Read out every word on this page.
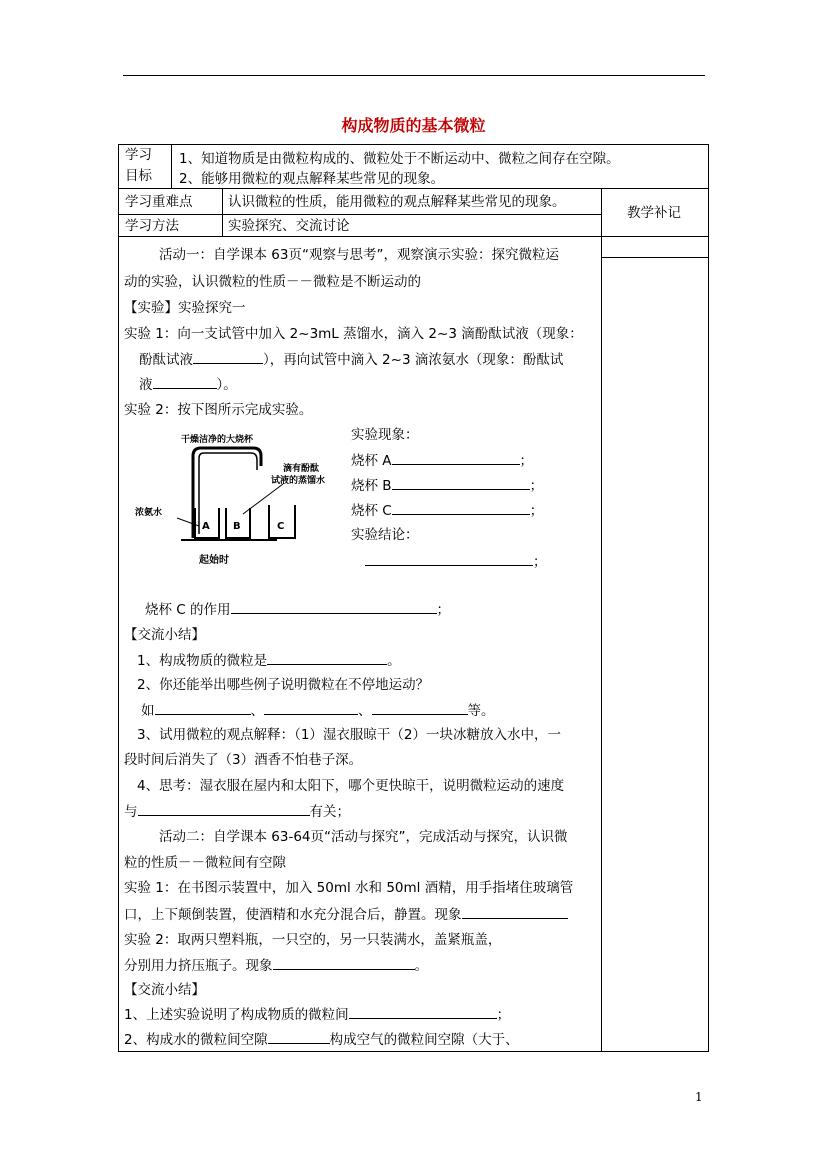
构成物质的基本微粒
学习
目标
1、知道物质是由微粒构成的、微粒处于不断运动中、微粒之间存在空隙。
2、能够用微粒的观点解释某些常见的现象。
学习重难点	认识微粒的性质，能用微粒的观点解释某些常见的现象。
学习方法	实验探究、交流讨论
教学补记
活动一：自学课本 63页“观察与思考”，观察演示实验：探究微粒运
动的实验，认识微粒的性质－－微粒是不断运动的
【实验】实验探究一
实验 1：向一支试管中加入 2~3mL 蒸馏水，滴入 2~3 滴酚酞试液（现象：
酚酞试液	），再向试管中滴入 2~3 滴浓氨水（现象：酚酞试
液	）。
实验 2：按下图所示完成实验。
干燥洁净的大烧杯
A B	C
浓氨水
滴有酚酞
试液的蒸馏水
起始时
实验现象：
烧杯 A	；
烧杯 B	；
烧杯 C	；
实验结论：
；
烧杯 C 的作用	；
【交流小结】
1、构成物质的微粒是	。
2、你还能举出哪些例子说明微粒在不停地运动？
如	、	、	等。
3、试用微粒的观点解释：（1）湿衣服晾干（2）一块冰糖放入水中，一
段时间后消失了（3）酒香不怕巷子深。
4、思考：湿衣服在屋内和太阳下，哪个更快晾干，说明微粒运动的速度
与	有关；
活动二：自学课本 63-64页“活动与探究”，完成活动与探究，认识微
粒的性质－－微粒间有空隙
实验 1：在书图示装置中，加入 50ml 水和 50ml 酒精，用手指堵住玻璃管
口，上下颠倒装置，使酒精和水充分混合后，静置。现象
实验 2：取两只塑料瓶，一只空的，另一只装满水，盖紧瓶盖，
分别用力挤压瓶子。现象	。
【交流小结】
1、上述实验说明了构成物质的微粒间	；
2、构成水的微粒间空隙	构成空气的微粒间空隙（大于、
1
